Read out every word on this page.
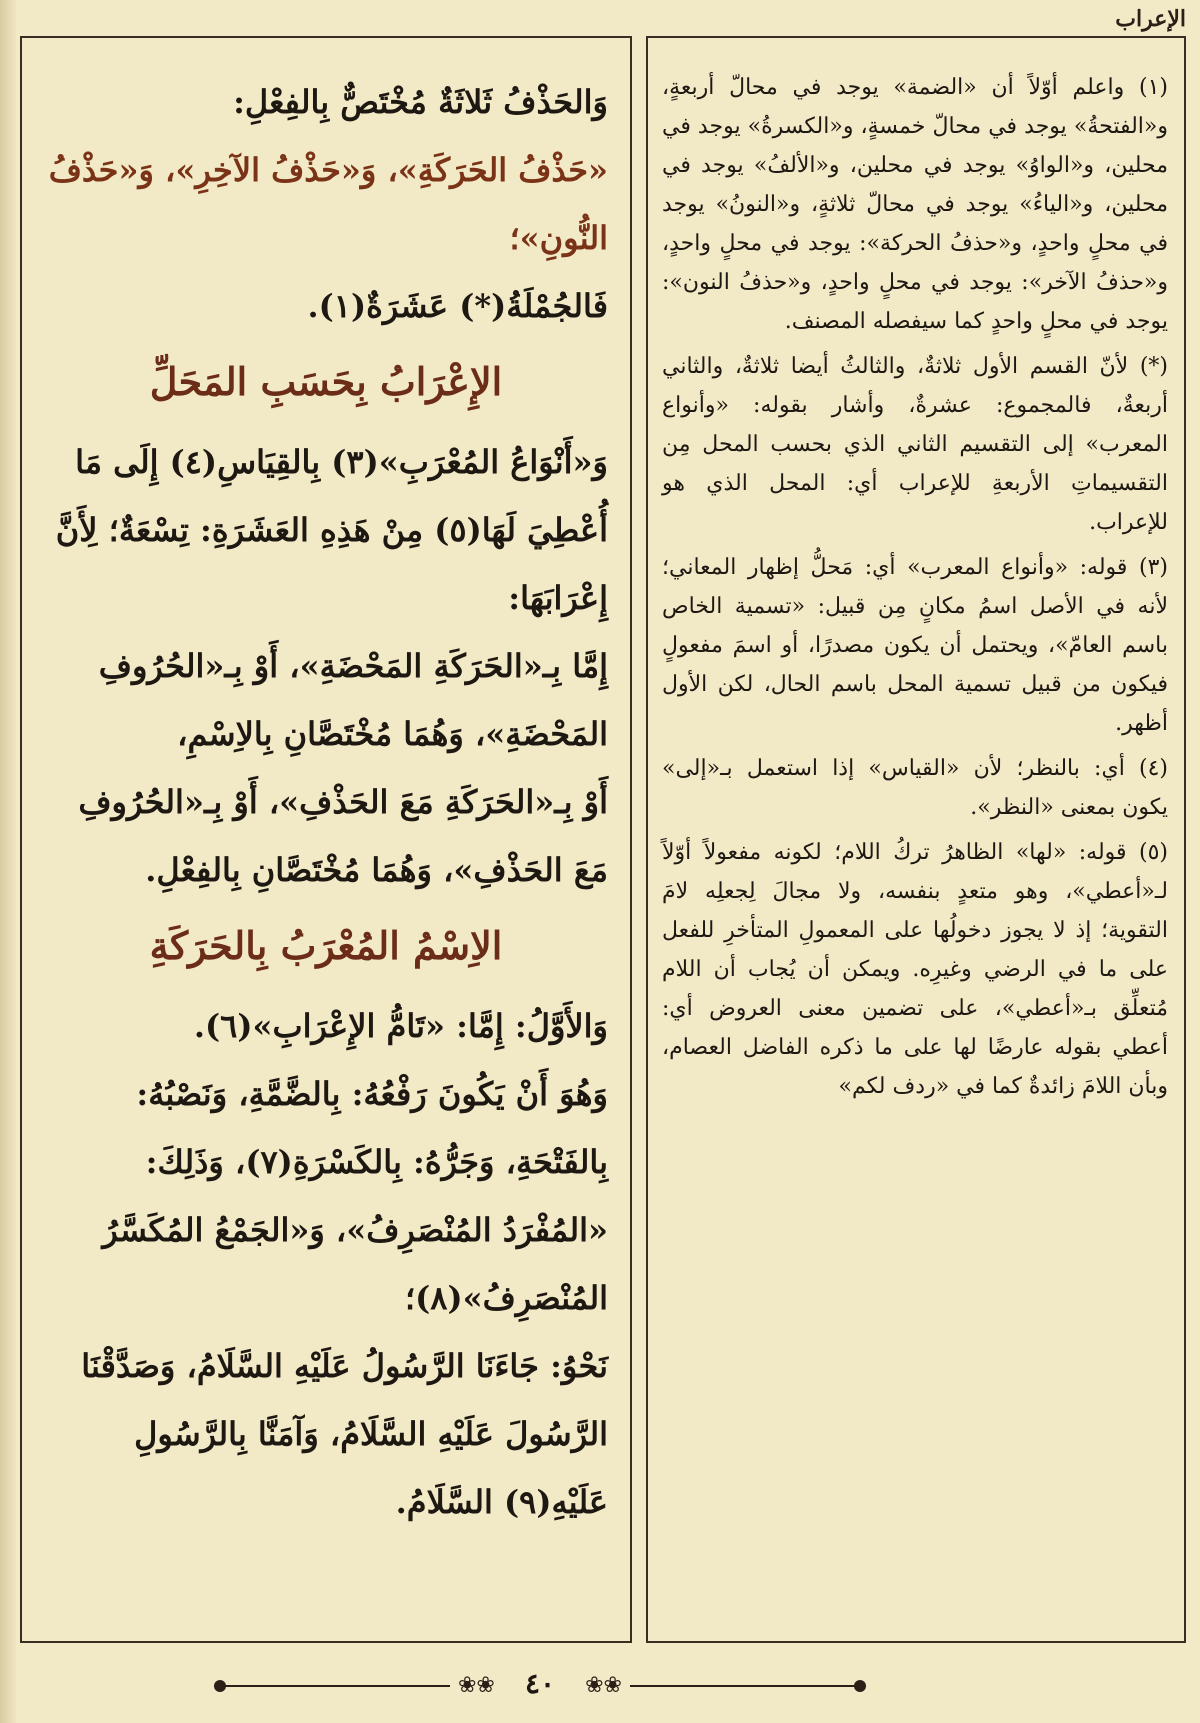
الإعراب

(١) واعلم أوّلاً أن «الضمة» يوجد في محالّ أربعةٍ، و«الفتحةُ» يوجد في محالّ خمسةٍ، و«الكسرةُ» يوجد في محلين، و«الواوُ» يوجد في محلين، و«الألفُ» يوجد في محلين، و«الياءُ» يوجد في محالّ ثلاثةٍ، و«النونُ» يوجد في محلٍ واحدٍ، و«حذفُ الحركة»: يوجد في محلٍ واحدٍ، و«حذفُ الآخر»: يوجد في محلٍ واحدٍ، و«حذفُ النون»: يوجد في محلٍ واحدٍ كما سيفصله المصنف.

(*) لأنّ القسم الأول ثلاثةٌ، والثالثُ أيضا ثلاثةٌ، والثاني أربعةٌ، فالمجموع: عشرةٌ، وأشار بقوله: «وأنواع المعرب» إلى التقسيم الثاني الذي بحسب المحل مِن التقسيماتِ الأربعةِ للإعراب أي: المحل الذي هو للإعراب.

(٣) قوله: «وأنواع المعرب» أي: مَحلُّ إظهار المعاني؛ لأنه في الأصل اسمُ مكانٍ مِن قبيل: «تسمية الخاص باسم العامّ»، ويحتمل أن يكون مصدرًا، أو اسمَ مفعولٍ فيكون من قبيل تسمية المحل باسم الحال، لكن الأول أظهر.

(٤) أي: بالنظر؛ لأن «القياس» إذا استعمل بـ«إلى» يكون بمعنى «النظر».

(٥) قوله: «لها» الظاهرُ تركُ اللام؛ لكونه مفعولاً أوّلاً لـ«أعطي»، وهو متعدٍ بنفسه، ولا مجالَ لِجعلِه لامَ التقوية؛ إذ لا يجوز دخولُها على المعمولِ المتأخرِ للفعل على ما في الرضي وغيرِه. ويمكن أن يُجاب أن اللام مُتعلِّق بـ«أعطي»، على تضمين معنى العروض أي: أعطي بقوله عارضًا لها على ما ذكره الفاضل العصام، وبأن اللامَ زائدةٌ كما في «ردف لكم»

وَالحَذْفُ ثَلاثَةٌ مُخْتَصٌّ بِالفِعْلِ:

«حَذْفُ الحَرَكَةِ»، وَ«حَذْفُ الآخِرِ»، وَ«حَذْفُ النُّونِ»؛

فَالجُمْلَةُ(*) عَشَرَةٌ(١).

الإِعْرَابُ بِحَسَبِ المَحَلِّ

وَ«أَنْوَاعُ المُعْرَبِ»(٣) بِالقِيَاسِ(٤) إِلَى مَا أُعْطِيَ لَهَا(٥) مِنْ هَذِهِ العَشَرَةِ: تِسْعَةٌ؛ لِأَنَّ إِعْرَابَهَا:

إِمَّا بِـ«الحَرَكَةِ المَحْضَةِ»، أَوْ بِـ«الحُرُوفِ المَحْضَةِ»، وَهُمَا مُخْتَصَّانِ بِالاِسْمِ،

أَوْ بِـ«الحَرَكَةِ مَعَ الحَذْفِ»، أَوْ بِـ«الحُرُوفِ مَعَ الحَذْفِ»، وَهُمَا مُخْتَصَّانِ بِالفِعْلِ.

الاِسْمُ المُعْرَبُ بِالحَرَكَةِ

وَالأَوَّلُ: إِمَّا: «تَامُّ الإِعْرَابِ»(٦).

وَهُوَ أَنْ يَكُونَ رَفْعُهُ: بِالضَّمَّةِ، وَنَصْبُهُ: بِالفَتْحَةِ، وَجَرُّهُ: بِالكَسْرَةِ(٧)، وَذَلِكَ: «المُفْرَدُ المُنْصَرِفُ»، وَ«الجَمْعُ المُكَسَّرُ المُنْصَرِفُ»(٨)؛

نَحْوُ: جَاءَنَا الرَّسُولُ عَلَيْهِ السَّلَامُ، وَصَدَّقْنَا الرَّسُولَ عَلَيْهِ السَّلَامُ، وَآمَنَّا بِالرَّسُولِ عَلَيْهِ(٩) السَّلَامُ.

❀❀	٤٠	❀❀
